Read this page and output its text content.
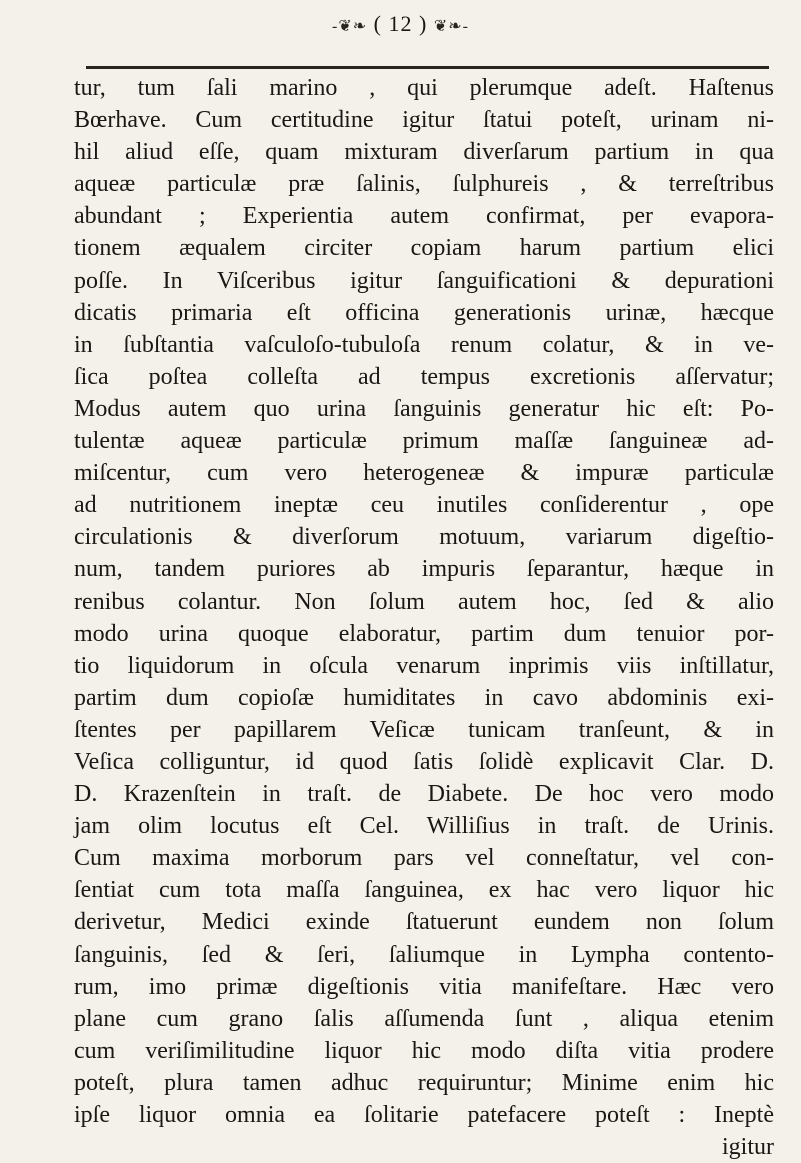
-❦❧ ( 12 ) ❦❧-
tur, tum ſali marino , qui plerumque adeſt. Haſtenus
Bœrhave. Cum certitudine igitur ſtatui poteſt, urinam ni-
hil aliud eſſe, quam mixturam diverſarum partium in qua
aqueæ particulæ præ ſalinis, ſulphureis , & terreſtribus
abundant ; Experientia autem confirmat, per evapora-
tionem æqualem circiter copiam harum partium elici
poſſe. In Viſceribus igitur ſanguificationi & depurationi
dicatis primaria eſt officina generationis urinæ, hæcque
in ſubſtantia vaſculoſo-tubuloſa renum colatur, & in ve-
ſica poſtea colleſta ad tempus excretionis aſſervatur;
Modus autem quo urina ſanguinis generatur hic eſt: Po-
tulentæ aqueæ particulæ primum maſſæ ſanguineæ ad-
miſcentur, cum vero heterogeneæ & impuræ particulæ
ad nutritionem ineptæ ceu inutiles conſiderentur , ope
circulationis & diverſorum motuum, variarum digeſtio-
num, tandem puriores ab impuris ſeparantur, hæque in
renibus colantur. Non ſolum autem hoc, ſed & alio
modo urina quoque elaboratur, partim dum tenuior por-
tio liquidorum in oſcula venarum inprimis viis inſtillatur,
partim dum copioſæ humiditates in cavo abdominis exi-
ſtentes per papillarem Veſicæ tunicam tranſeunt, & in
Veſica colliguntur, id quod ſatis ſolidè explicavit Clar. D.
D. Krazenſtein in traſt. de Diabete. De hoc vero modo
jam olim locutus eſt Cel. Williſius in traſt. de Urinis.
Cum maxima morborum pars vel conneſtatur, vel con-
ſentiat cum tota maſſa ſanguinea, ex hac vero liquor hic
derivetur, Medici exinde ſtatuerunt eundem non ſolum
ſanguinis, ſed & ſeri, ſaliumque in Lympha contento-
rum, imo primæ digeſtionis vitia manifeſtare. Hæc vero
plane cum grano ſalis aſſumenda ſunt , aliqua etenim
cum veriſimilitudine liquor hic modo diſta vitia prodere
poteſt, plura tamen adhuc requiruntur; Minime enim hic
ipſe liquor omnia ea ſolitarie patefacere poteſt : Ineptè
igitur
